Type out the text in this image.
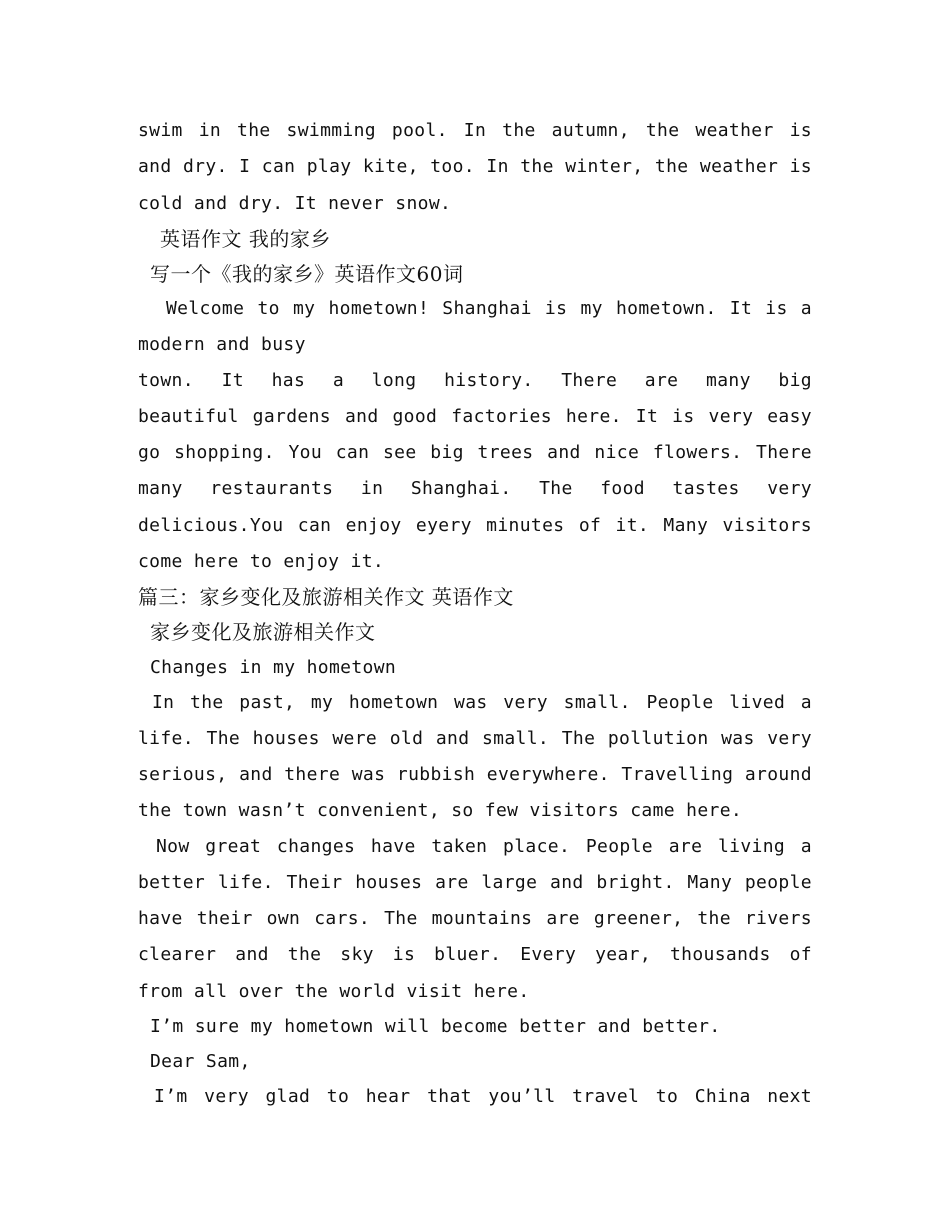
swim in the swimming pool. In the autumn, the weather is
and dry. I can play kite, too. In the winter, the weather is
cold and dry. It never snow.
英语作文 我的家乡
写一个《我的家乡》英语作文60词
Welcome to my hometown! Shanghai is my hometown. It is a
modern and busy
town. It has a long history. There are many big
beautiful gardens and good factories here. It is very easy
go shopping. You can see big trees and nice flowers. There
many restaurants in Shanghai. The food tastes very
delicious.You can enjoy eyery minutes of it. Many visitors
come here to enjoy it.
篇三：家乡变化及旅游相关作文 英语作文
家乡变化及旅游相关作文
Changes in my hometown
In the past, my hometown was very small. People lived a
life. The houses were old and small. The pollution was very
serious, and there was rubbish everywhere. Travelling around
the town wasn’t convenient, so few visitors came here.
Now great changes have taken place. People are living a
better life. Their houses are large and bright. Many people
have their own cars. The mountains are greener, the rivers
clearer and the sky is bluer. Every year, thousands of
from all over the world visit here.
I’m sure my hometown will become better and better.
Dear Sam,
I’m very glad to hear that you’ll travel to China next
